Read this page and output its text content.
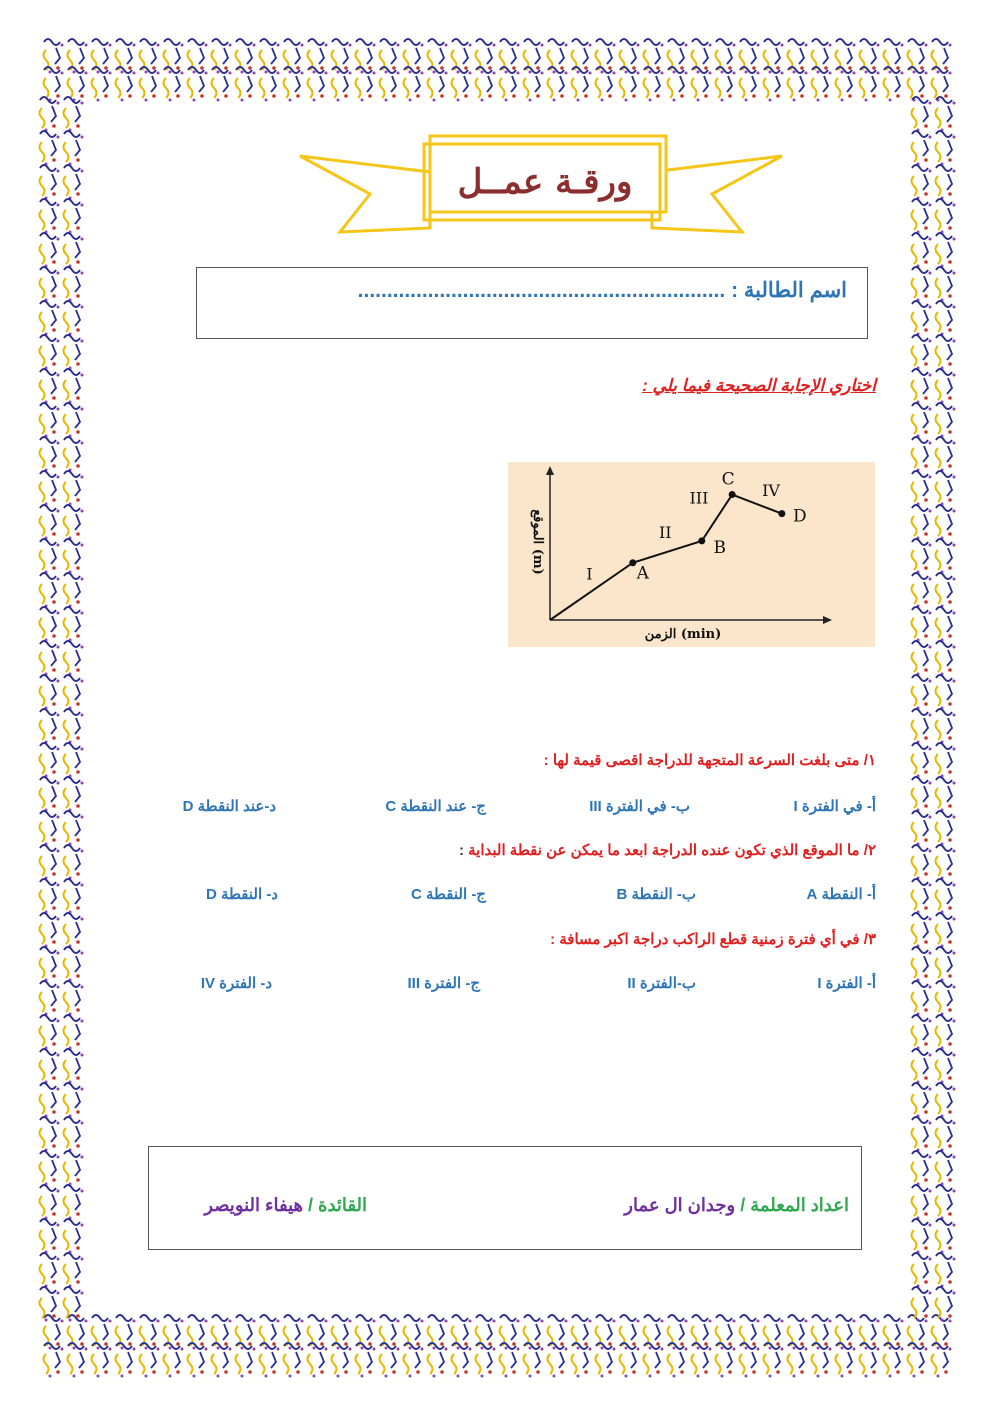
ورقـة عمــل
اسم الطالبة : ...............................................................
اختاري الإجابة الصحيحة فيما يلي :
A
B
C
D
I
II
III	IV
الزمن (min)
الموقع (m)
١/ متى بلغت السرعة المتجهة للدراجة اقصى قيمة لها :
أ- في الفترة I
ب- في الفترة III
ج- عند النقطة C
د-عند النقطة D
٢/ ما الموقع الذي تكون عنده الدراجة ابعد ما يمكن عن نقطة البداية :
أ- النقطة A
ب- النقطة B
ج- النقطة C
د- النقطة D
٣/ في أي فترة زمنية قطع الراكب دراجة اكبر مسافة :
أ- الفترة I
ب-الفترة II
ج- الفترة III
د- الفترة IV
اعداد المعلمة / وجدان ال عمار
القائدة / هيفاء النويصر
